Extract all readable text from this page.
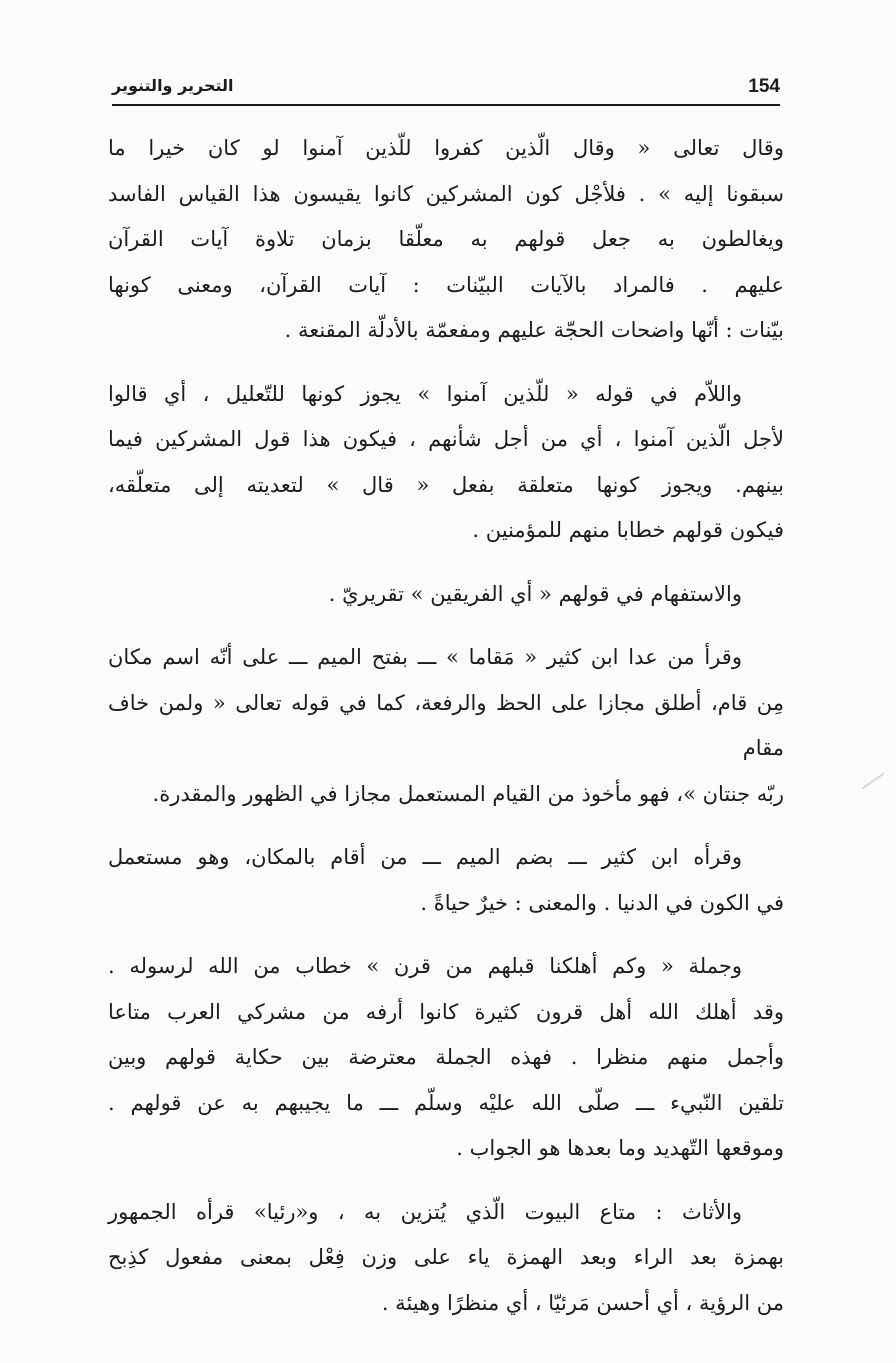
154
التحرير والتنوير

وقال تعالى « وقال الّذين كفروا للّذين آمنوا لو كان خيرا ما
سبقونا إليه » . فلأجْل كون المشركين كانوا يقيسون هذا القياس الفاسد
ويغالطون به جعل قولهم به معلّقا بزمان تلاوة آيات القرآن
عليهم . فالمراد بالآيات البيّنات : آيات القرآن، ومعنى كونها
بيّنات : أنّها واضحات الحجّة عليهم ومفعمّة بالأدلّة المقنعة .

واللاّم في قوله « للّذين آمنوا » يجوز كونها للتّعليل ، أي قالوا
لأجل الّذين آمنوا ، أي من أجل شأنهم ، فيكون هذا قول المشركين فيما
بينهم. ويجوز كونها متعلقة بفعل « قال » لتعديته إلى متعلّقه،
فيكون قولهم خطابا منهم للمؤمنين .

والاستفهام في قولهم « أي الفريقين » تقريريّ .

وقرأ من عدا ابن كثير « مَقاما » ـــ بفتح الميم ـــ على أنّه اسم مكان
مِن قام، أطلق مجازا على الحظ والرفعة، كما في قوله تعالى « ولمن خاف مقام
ربّه جنتان »، فهو مأخوذ من القيام المستعمل مجازا في الظهور والمقدرة.

وقرأه ابن كثير ـــ بضم الميم ـــ من أقام بالمكان، وهو مستعمل
في الكون في الدنيا . والمعنى : خيرٌ حياةً .

وجملة « وكم أهلكنا قبلهم من قرن » خطاب من الله لرسوله .
وقد أهلك الله أهل قرون كثيرة كانوا أرفه من مشركي العرب متاعا
وأجمل منهم منظرا . فهذه الجملة معترضة بين حكاية قولهم وبين
تلقين النّبيء ـــ صلّى الله عليْه وسلّم ـــ ما يجيبهم به عن قولهم .
وموقعها التّهديد وما بعدها هو الجواب .

والأثاث : متاع البيوت الّذي يُتزين به ، و«رئيا» قرأه الجمهور
بهمزة بعد الراء وبعد الهمزة ياء على وزن فِعْل بمعنى مفعول كذِبح
من الرؤية ، أي أحسن مَرئيّا ، أي منظرًا وهيئة .
